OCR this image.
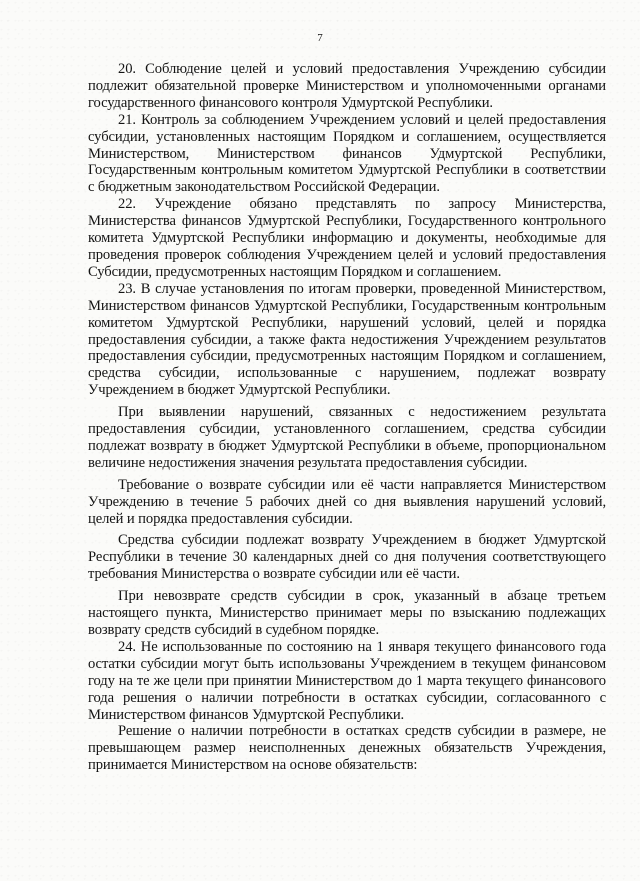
7

20. Соблюдение целей и условий предоставления Учреждению субсидии подлежит обязательной проверке Министерством и уполномоченными органами государственного финансового контроля Удмуртской Республики.

21. Контроль за соблюдением Учреждением условий и целей предоставления субсидии, установленных настоящим Порядком и соглашением, осуществляется Министерством, Министерством финансов Удмуртской Республики, Государственным контрольным комитетом Удмуртской Республики в соответствии с бюджетным законодательством Российской Федерации.

22. Учреждение обязано представлять по запросу Министерства, Министерства финансов Удмуртской Республики, Государственного контрольного комитета Удмуртской Республики информацию и документы, необходимые для проведения проверок соблюдения Учреждением целей и условий предоставления Субсидии, предусмотренных настоящим Порядком и соглашением.

23. В случае установления по итогам проверки, проведенной Министерством, Министерством финансов Удмуртской Республики, Государственным контрольным комитетом Удмуртской Республики, нарушений условий, целей и порядка предоставления субсидии, а также факта недостижения Учреждением результатов предоставления субсидии, предусмотренных настоящим Порядком и соглашением, средства субсидии, использованные с нарушением, подлежат возврату Учреждением в бюджет Удмуртской Республики.

При выявлении нарушений, связанных с недостижением результата предоставления субсидии, установленного соглашением, средства субсидии подлежат возврату в бюджет Удмуртской Республики в объеме, пропорциональном величине недостижения значения результата предоставления субсидии.

Требование о возврате субсидии или её части направляется Министерством Учреждению в течение 5 рабочих дней со дня выявления нарушений условий, целей и порядка предоставления субсидии.

Средства субсидии подлежат возврату Учреждением в бюджет Удмуртской Республики в течение 30 календарных дней со дня получения соответствующего требования Министерства о возврате субсидии или её части.

При невозврате средств субсидии в срок, указанный в абзаце третьем настоящего пункта, Министерство принимает меры по взысканию подлежащих возврату средств субсидий в судебном порядке.

24. Не использованные по состоянию на 1 января текущего финансового года остатки субсидии могут быть использованы Учреждением в текущем финансовом году на те же цели при принятии Министерством до 1 марта текущего финансового года решения о наличии потребности в остатках субсидии, согласованного с Министерством финансов Удмуртской Республики.

Решение о наличии потребности в остатках средств субсидии в размере, не превышающем размер неисполненных денежных обязательств Учреждения, принимается Министерством на основе обязательств:
